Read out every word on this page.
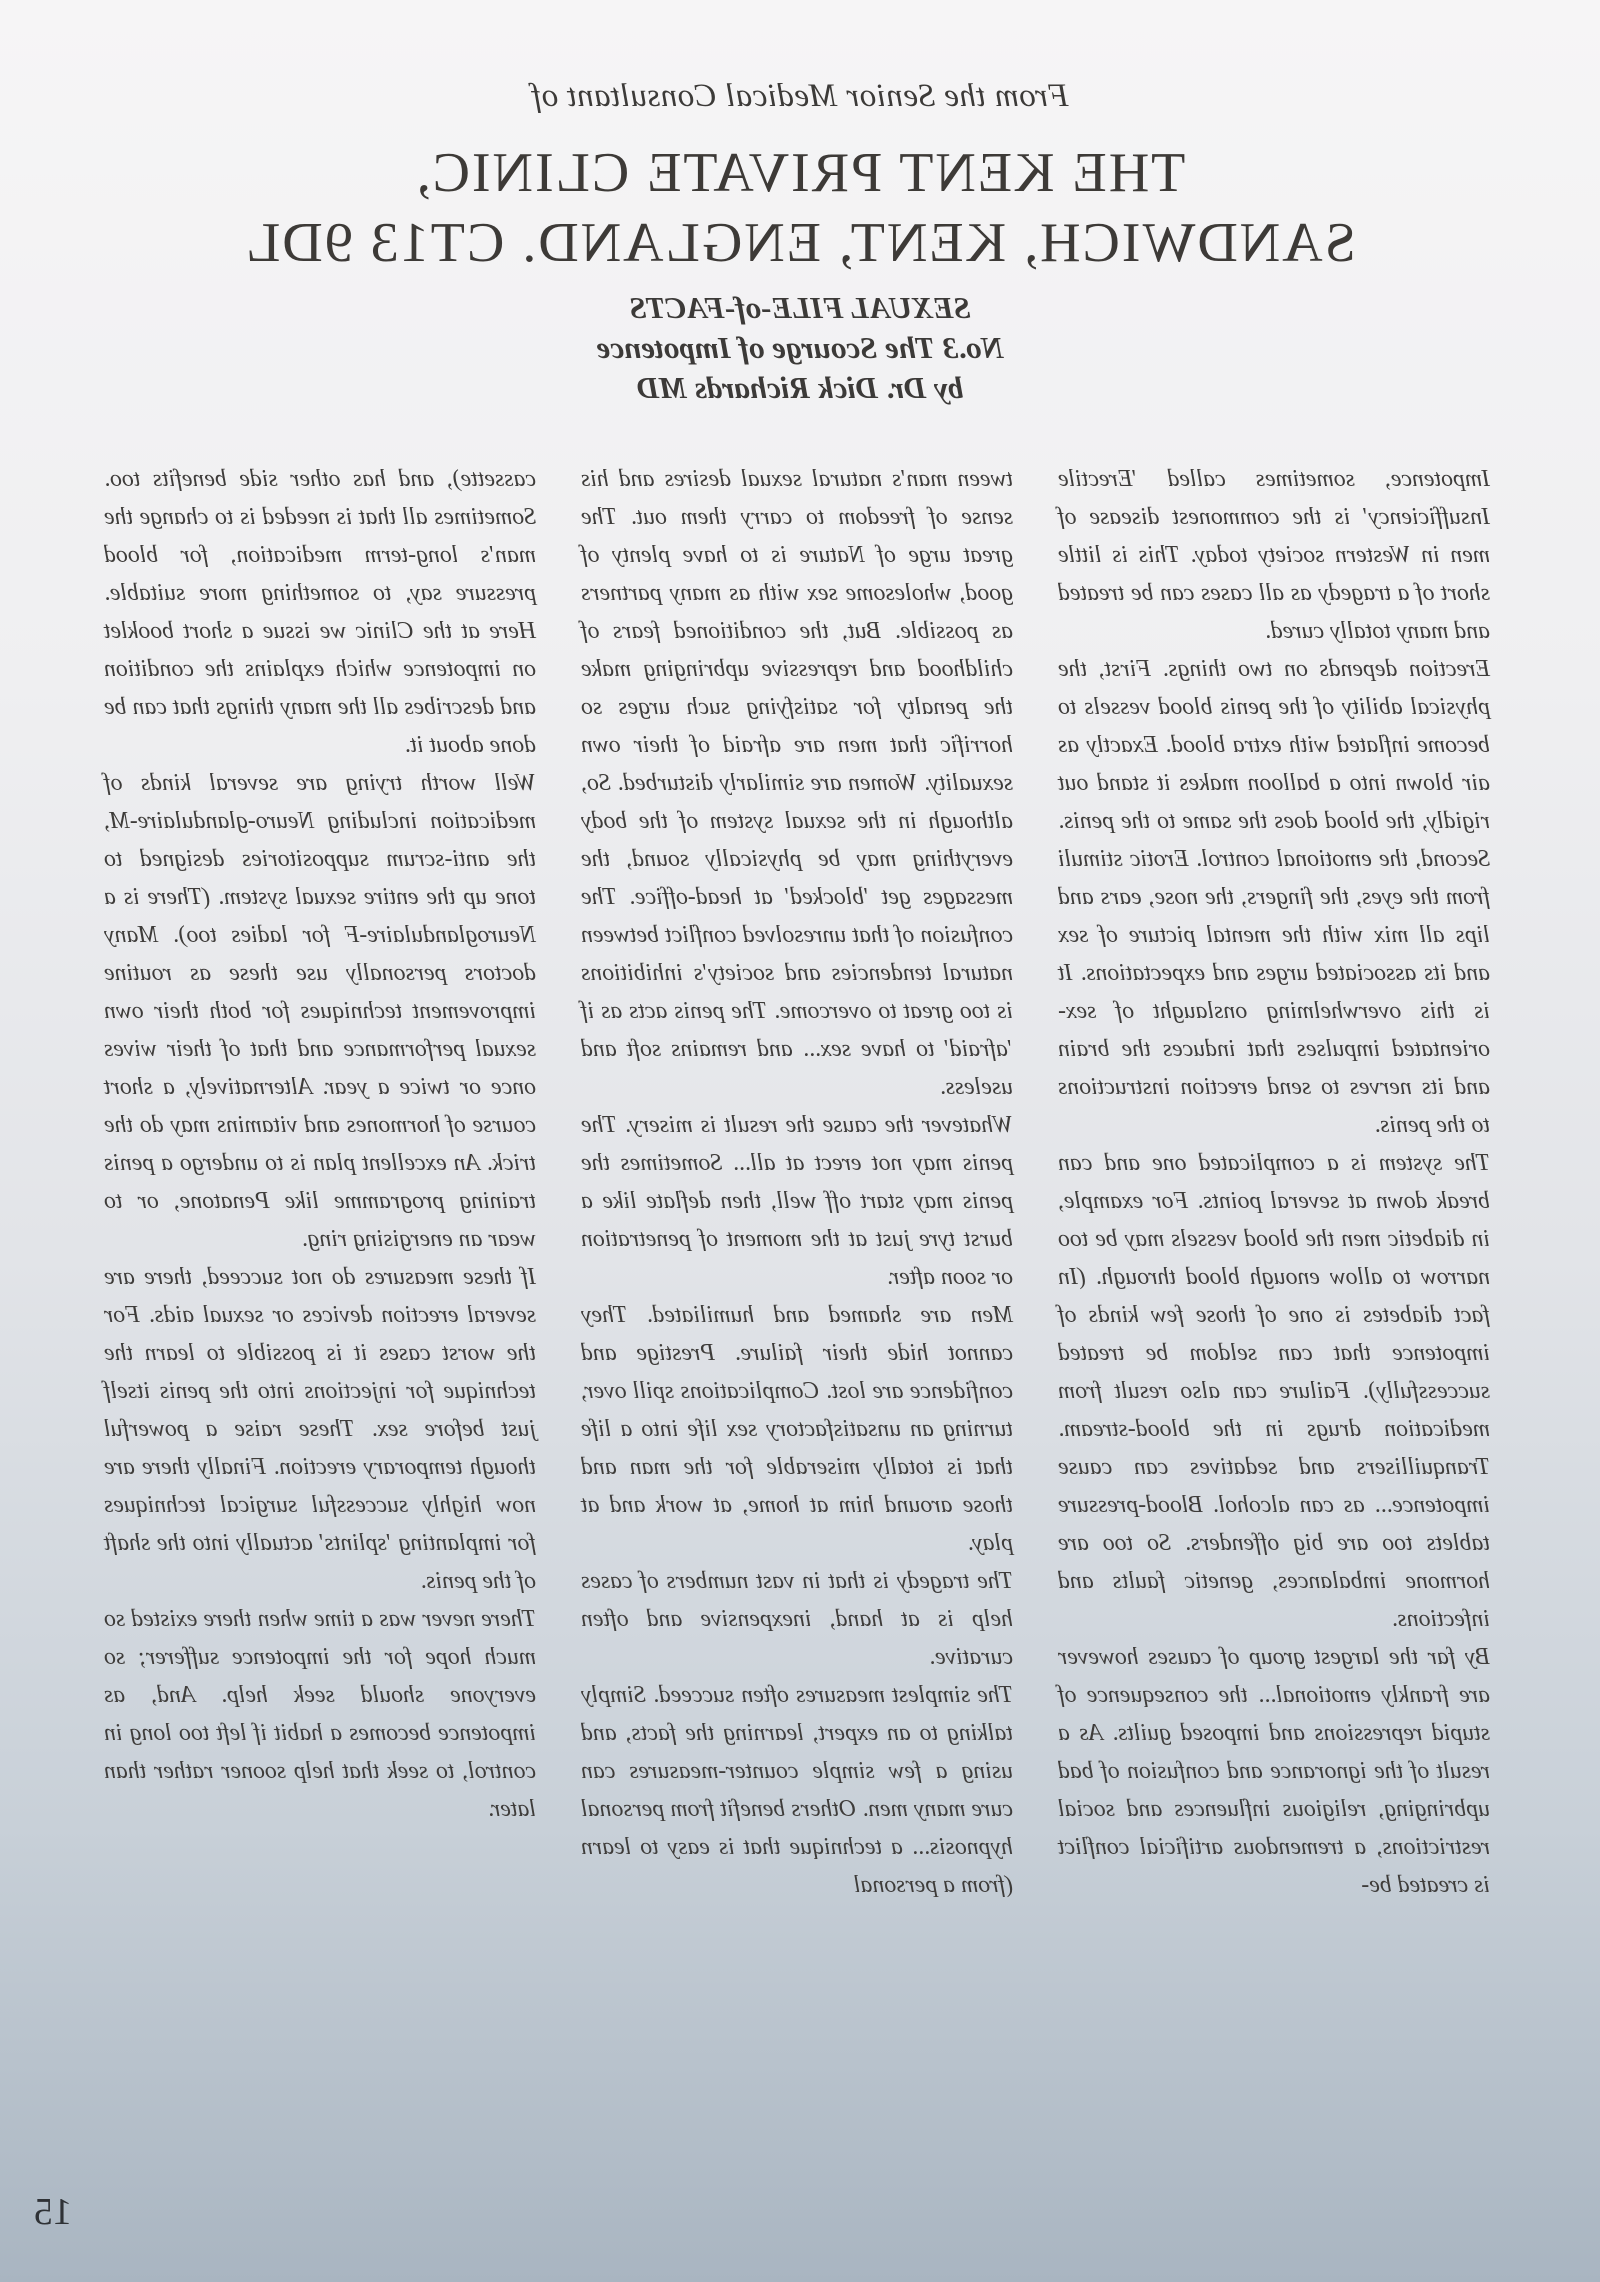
From the Senior Medical Consultant of
THE KENT PRIVATE CLINIC,
SANDWICH, KENT, ENGLAND. CT13 9DL
SEXUAL FILE-of-FACTS
No.3 The Scourge of Impotence
by Dr. Dick Richards MD

Impotence, sometimes called 'Erectile Insufficiency' is the commonest disease of men in Western society today. This is little short of a tragedy as all cases can be treated and many totally cured.

Erection depends on two things. First, the physical ability of the penis blood vessels to become inflated with extra blood. Exactly as air blown into a balloon makes it stand out rigidly, the blood does the same to the penis. Second, the emotional control. Erotic stimuli from the eyes, the fingers, the nose, ears and lips all mix with the mental picture of sex and its associated urges and expectations. It is this overwhelming onslaught of sex-orientated impulses that induces the brain and its nerves to send erection instructions to the penis.

The system is a complicated one and can break down at several points. For example, in diabetic men the blood vessels may be too narrow to allow enough blood through. (In fact diabetes is one of those few kinds of impotence that can seldom be treated successfully). Failure can also result from medication drugs in the blood-stream. Tranquillisers and sedatives can cause impotence... as can alcohol. Blood-pressure tablets too are big offenders. So too are hormone imbalances, genetic faults and infections.

By far the largest group of causes however are frankly emotional... the consequence of stupid repressions and imposed guilts. As a result of the ignorance and confusion of bad upbringing, religious influences and social restrictions, a tremendous artificial conflict is created be-

tween man's natural sexual desires and his sense of freedom to carry them out. The great urge of Nature is to have plenty of good, wholesome sex with as many partners as possible. But, the conditioned fears of childhood and repressive upbringing make the penalty for satisfying such urges so horrific that men are afraid of their own sexuality. Women are similarly disturbed. So, although in the sexual system of the body everything may be physically sound, the messages get 'blocked' at head-office. The confusion of that unresolved conflict between natural tendencies and society's inhibitions is too great to overcome. The penis acts as if 'afraid' to have sex... and remains soft and useless.

Whatever the cause the result is misery. The penis may not erect at all... Sometimes the penis may start off well, then deflate like a burst tyre just at the moment of penetration or soon after.

Men are shamed and humiliated. They cannot hide their failure. Prestige and confidence are lost. Complications spill over, turning an unsatisfactory sex life into a life that is totally miserable for the man and those around him at home, at work and at play.

The tragedy is that in vast numbers of cases help is at hand, inexpensive and often curative.

The simplest measures often succeed. Simply talking to an expert, learning the facts, and using a few simple counter-measures can cure many men. Others benefit from personal hypnosis... a technique that is easy to learn (from a personal

cassette), and has other side benefits too. Sometimes all that is needed is to change the man's long-term medication, for blood pressure say, to something more suitable. Here at the Clinic we issue a short booklet on impotence which explains the condition and describes all the many things that can be done about it.

Well worth trying are several kinds of medication including Neuro-glandulaire-M, the anti-scrum suppositories designed to tone up the entire sexual system. (There is a Neuroglandulaire-F for ladies too). Many doctors personally use these as routine improvement techniques for both their own sexual performance and that of their wives once or twice a year. Alternatively, a short course of hormones and vitamins may do the trick. An excellent plan is to undergo a penis training programme like Penatone, or to wear an energising ring.

If these measures do not succeed, there are several erection devices or sexual aids. For the worst cases it is possible to learn the technique for injections into the penis itself just before sex. These raise a powerful though temporary erection. Finally there are now highly successful surgical techniques for implanting 'splints' actually into the shaft of the penis.

There never was a time when there existed so much hope for the impotence sufferer; so everyone should seek help. And, as impotence becomes a habit if left too long in control, to seek that help sooner rather than later.

15
